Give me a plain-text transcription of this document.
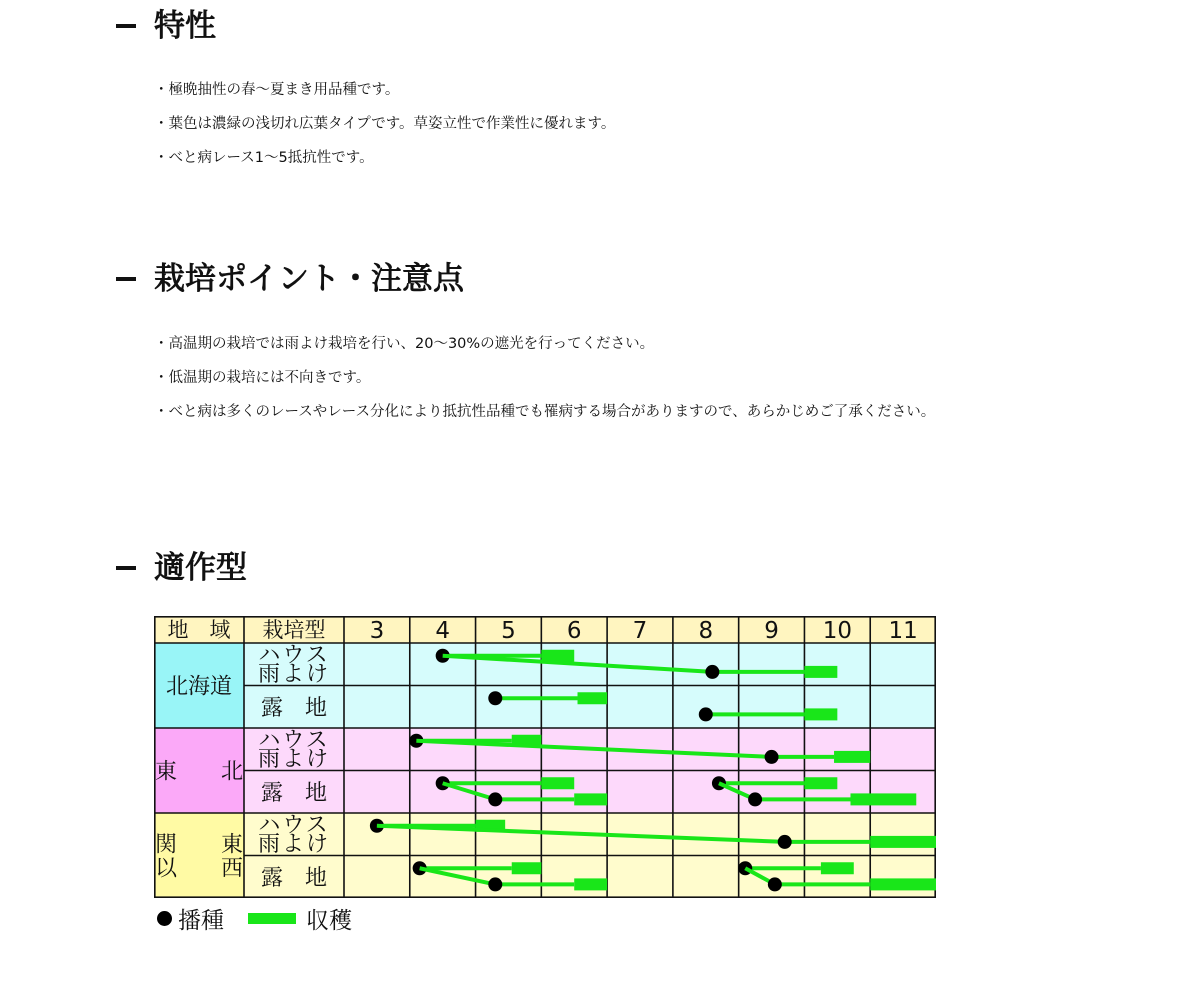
特性
・極晩抽性の春～夏まき用品種です。
・葉色は濃緑の浅切れ広葉タイプです。草姿立性で作業性に優れます。
・べと病レース1～5抵抗性です。
栽培ポイント・注意点
・高温期の栽培では雨よけ栽培を行い、20～30%の遮光を行ってください。
・低温期の栽培には不向きです。
・べと病は多くのレースやレース分化により抵抗性品種でも罹病する場合がありますので、あらかじめご了承ください。
適作型
北海道
東　　北
関　　東
以　　西
地　域 栽培型 3 4 5 6 7 8 9 10 11
ハウス
雨よけ
露　地
ハウス
雨よけ
露　地
ハウス
雨よけ
露　地
播種	収穫
